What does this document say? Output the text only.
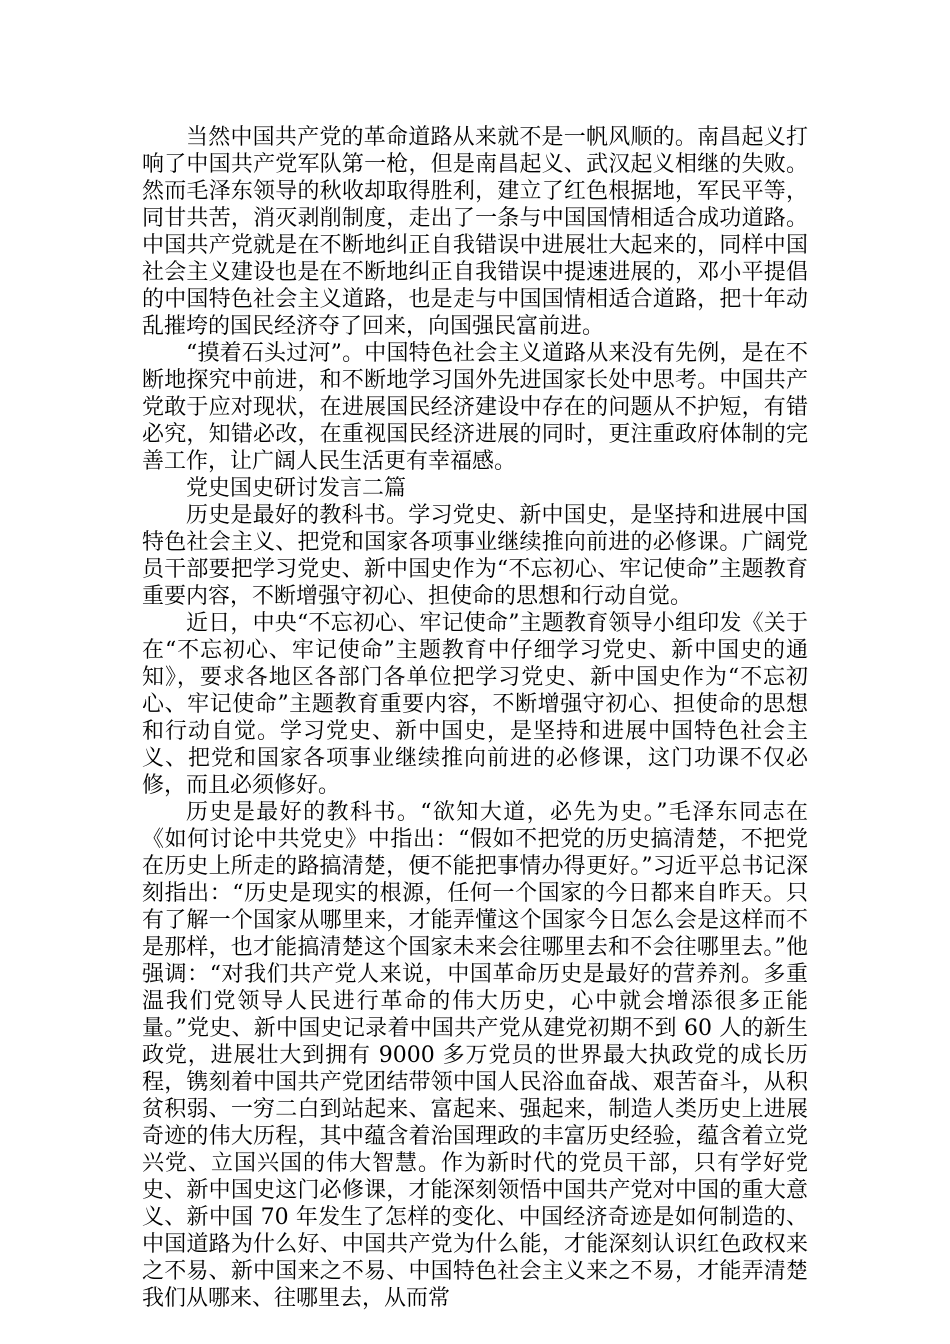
当然中国共产党的革命道路从来就不是一帆风顺的。南昌起义打响了中国共产党军队第一枪，但是南昌起义、武汉起义相继的失败。然而毛泽东领导的秋收却取得胜利，建立了红色根据地，军民平等，同甘共苦，消灭剥削制度，走出了一条与中国国情相适合成功道路。中国共产党就是在不断地纠正自我错误中进展壮大起来的，同样中国社会主义建设也是在不断地纠正自我错误中提速进展的，邓小平提倡的中国特色社会主义道路，也是走与中国国情相适合道路，把十年动乱摧垮的国民经济夺了回来，向国强民富前进。

“摸着石头过河”。中国特色社会主义道路从来没有先例，是在不断地探究中前进，和不断地学习国外先进国家长处中思考。中国共产党敢于应对现状，在进展国民经济建设中存在的问题从不护短，有错必究，知错必改，在重视国民经济进展的同时，更注重政府体制的完善工作，让广阔人民生活更有幸福感。

党史国史研讨发言二篇

历史是最好的教科书。学习党史、新中国史，是坚持和进展中国特色社会主义、把党和国家各项事业继续推向前进的必修课。广阔党员干部要把学习党史、新中国史作为“不忘初心、牢记使命”主题教育重要内容，不断增强守初心、担使命的思想和行动自觉。

近日，中央“不忘初心、牢记使命”主题教育领导小组印发《关于在“不忘初心、牢记使命”主题教育中仔细学习党史、新中国史的通知》，要求各地区各部门各单位把学习党史、新中国史作为“不忘初心、牢记使命”主题教育重要内容，不断增强守初心、担使命的思想和行动自觉。学习党史、新中国史，是坚持和进展中国特色社会主义、把党和国家各项事业继续推向前进的必修课，这门功课不仅必修，而且必须修好。

历史是最好的教科书。“欲知大道，必先为史。”毛泽东同志在《如何讨论中共党史》中指出：“假如不把党的历史搞清楚，不把党在历史上所走的路搞清楚，便不能把事情办得更好。”习近平总书记深刻指出：“历史是现实的根源，任何一个国家的今日都来自昨天。只有了解一个国家从哪里来，才能弄懂这个国家今日怎么会是这样而不是那样，也才能搞清楚这个国家未来会往哪里去和不会往哪里去。”他强调：“对我们共产党人来说，中国革命历史是最好的营养剂。多重温我们党领导人民进行革命的伟大历史，心中就会增添很多正能量。”党史、新中国史记录着中国共产党从建党初期不到 60 人的新生政党，进展壮大到拥有 9000 多万党员的世界最大执政党的成长历程，镌刻着中国共产党团结带领中国人民浴血奋战、艰苦奋斗，从积贫积弱、一穷二白到站起来、富起来、强起来，制造人类历史上进展奇迹的伟大历程，其中蕴含着治国理政的丰富历史经验，蕴含着立党兴党、立国兴国的伟大智慧。作为新时代的党员干部，只有学好党史、新中国史这门必修课，才能深刻领悟中国共产党对中国的重大意义、新中国 70 年发生了怎样的变化、中国经济奇迹是如何制造的、中国道路为什么好、中国共产党为什么能，才能深刻认识红色政权来之不易、新中国来之不易、中国特色社会主义来之不易，才能弄清楚我们从哪来、往哪里去，从而常
